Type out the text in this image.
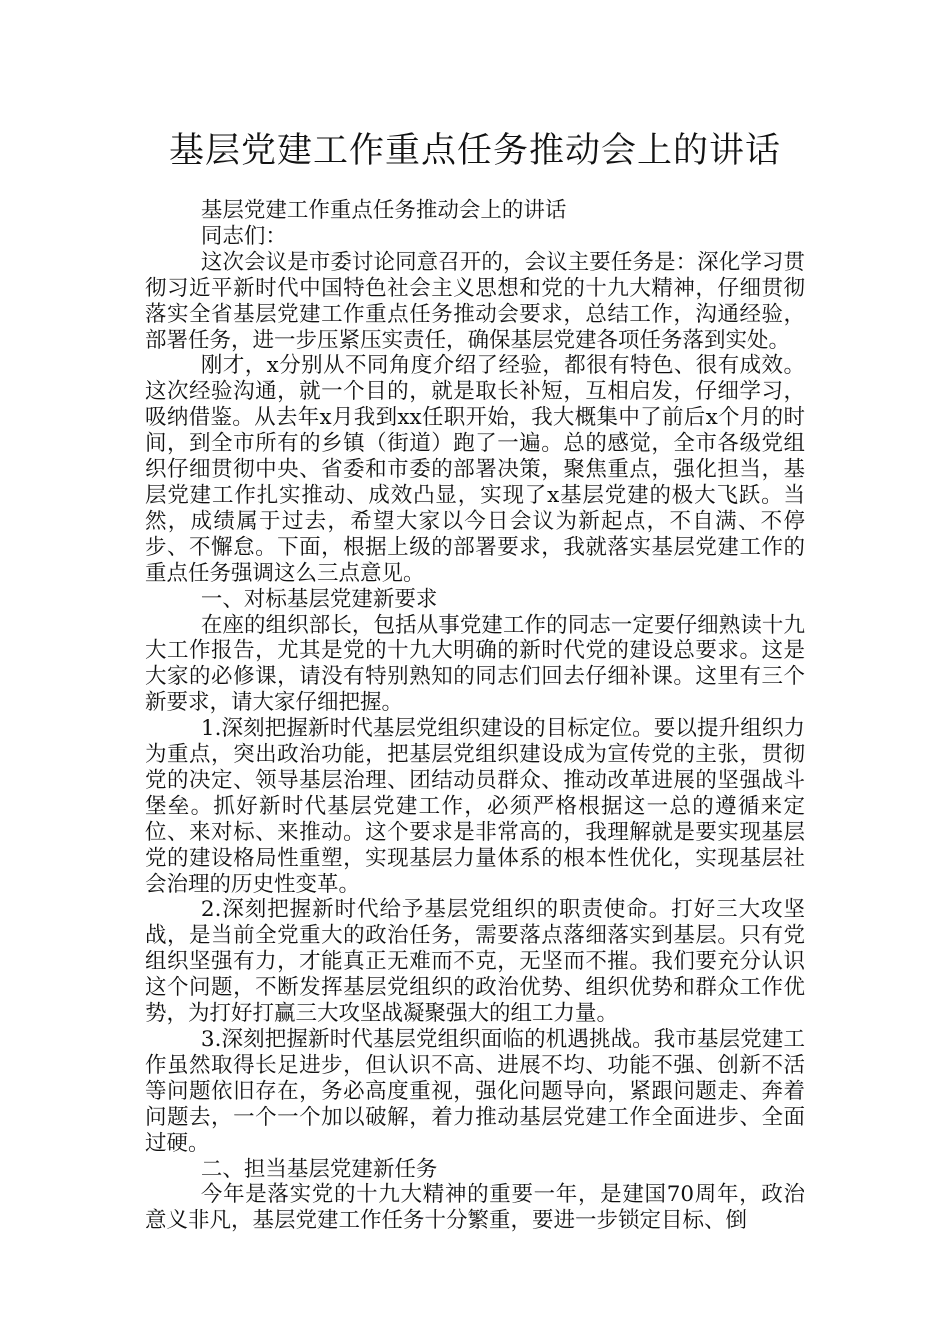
基层党建工作重点任务推动会上的讲话

基层党建工作重点任务推动会上的讲话

同志们：

这次会议是市委讨论同意召开的，会议主要任务是：深化学习贯彻习近平新时代中国特色社会主义思想和党的十九大精神，仔细贯彻落实全省基层党建工作重点任务推动会要求，总结工作，沟通经验，部署任务，进一步压紧压实责任，确保基层党建各项任务落到实处。

刚才，x分别从不同角度介绍了经验，都很有特色、很有成效。这次经验沟通，就一个目的，就是取长补短，互相启发，仔细学习，吸纳借鉴。从去年x月我到xx任职开始，我大概集中了前后x个月的时间，到全市所有的乡镇（街道）跑了一遍。总的感觉，全市各级党组织仔细贯彻中央、省委和市委的部署决策，聚焦重点，强化担当，基层党建工作扎实推动、成效凸显，实现了x基层党建的极大飞跃。当然，成绩属于过去，希望大家以今日会议为新起点，不自满、不停步、不懈怠。下面，根据上级的部署要求，我就落实基层党建工作的重点任务强调这么三点意见。

一、对标基层党建新要求

在座的组织部长，包括从事党建工作的同志一定要仔细熟读十九大工作报告，尤其是党的十九大明确的新时代党的建设总要求。这是大家的必修课，请没有特别熟知的同志们回去仔细补课。这里有三个新要求，请大家仔细把握。

1.深刻把握新时代基层党组织建设的目标定位。要以提升组织力为重点，突出政治功能，把基层党组织建设成为宣传党的主张，贯彻党的决定、领导基层治理、团结动员群众、推动改革进展的坚强战斗堡垒。抓好新时代基层党建工作，必须严格根据这一总的遵循来定位、来对标、来推动。这个要求是非常高的，我理解就是要实现基层党的建设格局性重塑，实现基层力量体系的根本性优化，实现基层社会治理的历史性变革。

2.深刻把握新时代给予基层党组织的职责使命。打好三大攻坚战，是当前全党重大的政治任务，需要落点落细落实到基层。只有党组织坚强有力，才能真正无难而不克，无坚而不摧。我们要充分认识这个问题，不断发挥基层党组织的政治优势、组织优势和群众工作优势，为打好打赢三大攻坚战凝聚强大的组工力量。

3.深刻把握新时代基层党组织面临的机遇挑战。我市基层党建工作虽然取得长足进步，但认识不高、进展不均、功能不强、创新不活等问题依旧存在，务必高度重视，强化问题导向，紧跟问题走、奔着问题去，一个一个加以破解，着力推动基层党建工作全面进步、全面过硬。

二、担当基层党建新任务

今年是落实党的十九大精神的重要一年，是建国70周年，政治意义非凡，基层党建工作任务十分繁重，要进一步锁定目标、倒
